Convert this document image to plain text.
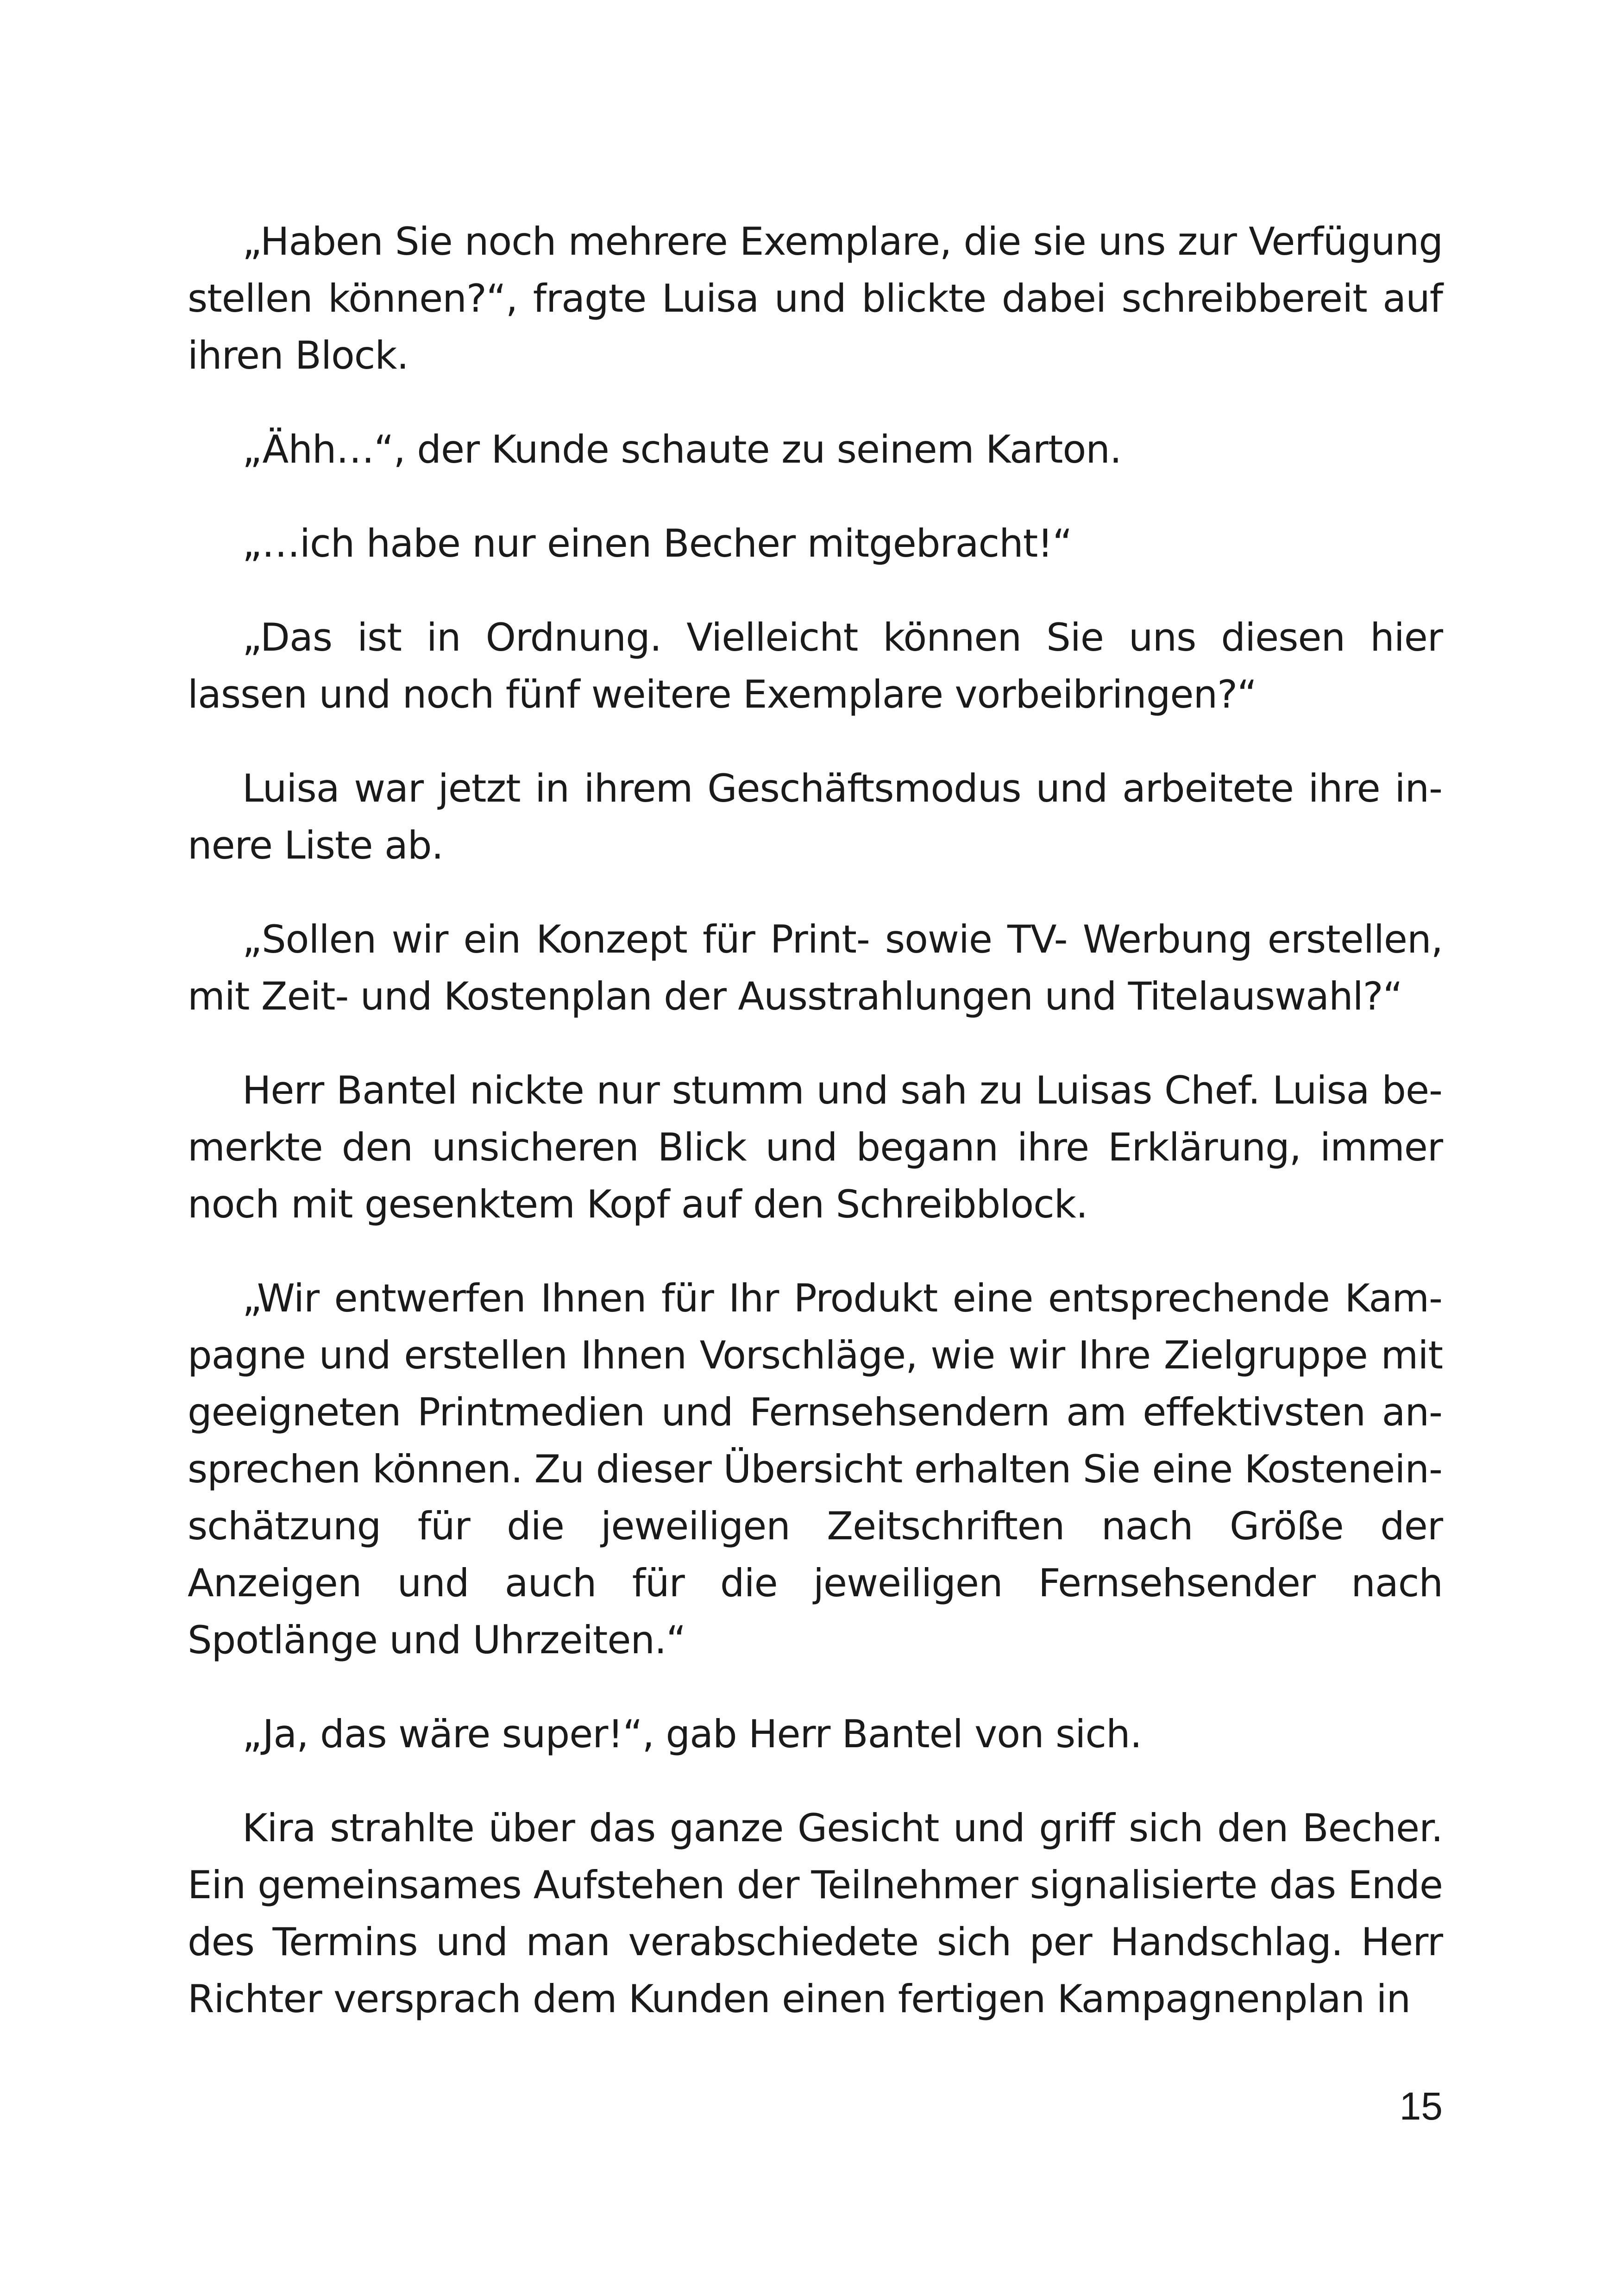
„Haben Sie noch mehrere Exemplare, die sie uns zur Verfügung stellen können?“, fragte Luisa und blickte dabei schreibbereit auf ihren Block.

„Ähh…“, der Kunde schaute zu seinem Karton.

„…ich habe nur einen Becher mitgebracht!“

„Das ist in Ordnung. Vielleicht können Sie uns diesen hier lassen und noch fünf weitere Exemplare vorbeibringen?“

Luisa war jetzt in ihrem Geschäftsmodus und arbeitete ihre innere Liste ab.

„Sollen wir ein Konzept für Print- sowie TV- Werbung erstellen, mit Zeit- und Kostenplan der Ausstrahlungen und Titelauswahl?“

Herr Bantel nickte nur stumm und sah zu Luisas Chef. Luisa bemerkte den unsicheren Blick und begann ihre Erklärung, immer noch mit gesenktem Kopf auf den Schreibblock.

„Wir entwerfen Ihnen für Ihr Produkt eine entsprechende Kampagne und erstellen Ihnen Vorschläge, wie wir Ihre Zielgruppe mit geeigneten Printmedien und Fernsehsendern am effektivsten ansprechen können. Zu dieser Übersicht erhalten Sie eine Kosteneinschätzung für die jeweiligen Zeitschriften nach Größe der Anzeigen und auch für die jeweiligen Fernsehsender nach Spotlänge und Uhrzeiten.“

„Ja, das wäre super!“, gab Herr Bantel von sich.

Kira strahlte über das ganze Gesicht und griff sich den Becher. Ein gemeinsames Aufstehen der Teilnehmer signalisierte das Ende des Termins und man verabschiedete sich per Handschlag. Herr Richter versprach dem Kunden einen fertigen Kampagnenplan in

15
